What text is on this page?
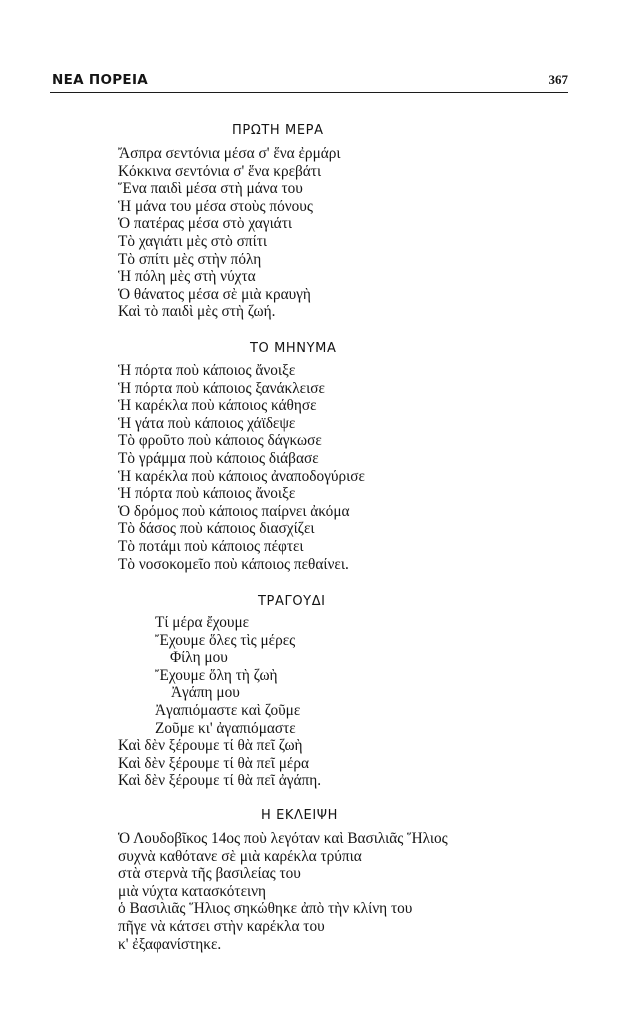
ΝΕΑ ΠΟΡΕΙΑ	367
ΠΡΩΤΗ ΜΕΡΑ
Ἄσπρα σεντόνια μέσα σ' ἕνα ἐρμάρι
Κόκκινα σεντόνια σ' ἕνα κρεβάτι
Ἕνα παιδὶ μέσα στὴ μάνα του
Ἡ μάνα του μέσα στοὺς πόνους
Ὁ πατέρας μέσα στὸ χαγιάτι
Τὸ χαγιάτι μὲς στὸ σπίτι
Τὸ σπίτι μὲς στὴν πόλη
Ἡ πόλη μὲς στὴ νύχτα
Ὁ θάνατος μέσα σὲ μιὰ κραυγὴ
Καὶ τὸ παιδὶ μὲς στὴ ζωή.
ΤΟ ΜΗΝΥΜΑ
Ἡ πόρτα ποὺ κάποιος ἄνοιξε
Ἡ πόρτα ποὺ κάποιος ξανάκλεισε
Ἡ καρέκλα ποὺ κάποιος κάθησε
Ἡ γάτα ποὺ κάποιος χάϊδεψε
Τὸ φροῦτο ποὺ κάποιος δάγκωσε
Τὸ γράμμα ποὺ κάποιος διάβασε
Ἡ καρέκλα ποὺ κάποιος ἀναποδογύρισε
Ἡ πόρτα ποὺ κάποιος ἄνοιξε
Ὁ δρόμος ποὺ κάποιος παίρνει ἀκόμα
Τὸ δάσος ποὺ κάποιος διασχίζει
Τὸ ποτάμι ποὺ κάποιος πέφτει
Τὸ νοσοκομεῖο ποὺ κάποιος πεθαίνει.
ΤΡΑΓΟΥΔΙ
Τί μέρα ἔχουμε
Ἔχουμε ὅλες τὶς μέρες
Φίλη μου
Ἔχουμε ὅλη τὴ ζωὴ
Ἀγάπη μου
Ἀγαπιόμαστε καὶ ζοῦμε
Ζοῦμε κι' ἀγαπιόμαστε
Καὶ δὲν ξέρουμε τί θὰ πεῖ ζωὴ
Καὶ δὲν ξέρουμε τί θὰ πεῖ μέρα
Καὶ δὲν ξέρουμε τί θὰ πεῖ ἀγάπη.
Η ΕΚΛΕΙΨΗ
Ὁ Λουδοβῖκος 14ος ποὺ λεγόταν καὶ Βασιλιᾶς Ἥλιος
συχνὰ καθότανε σὲ μιὰ καρέκλα τρύπια
στὰ στερνὰ τῆς βασιλείας του
μιὰ νύχτα κατασκότεινη
ὁ Βασιλιᾶς Ἥλιος σηκώθηκε ἀπὸ τὴν κλίνη του
πῆγε νὰ κάτσει στὴν καρέκλα του
κ' ἐξαφανίστηκε.
